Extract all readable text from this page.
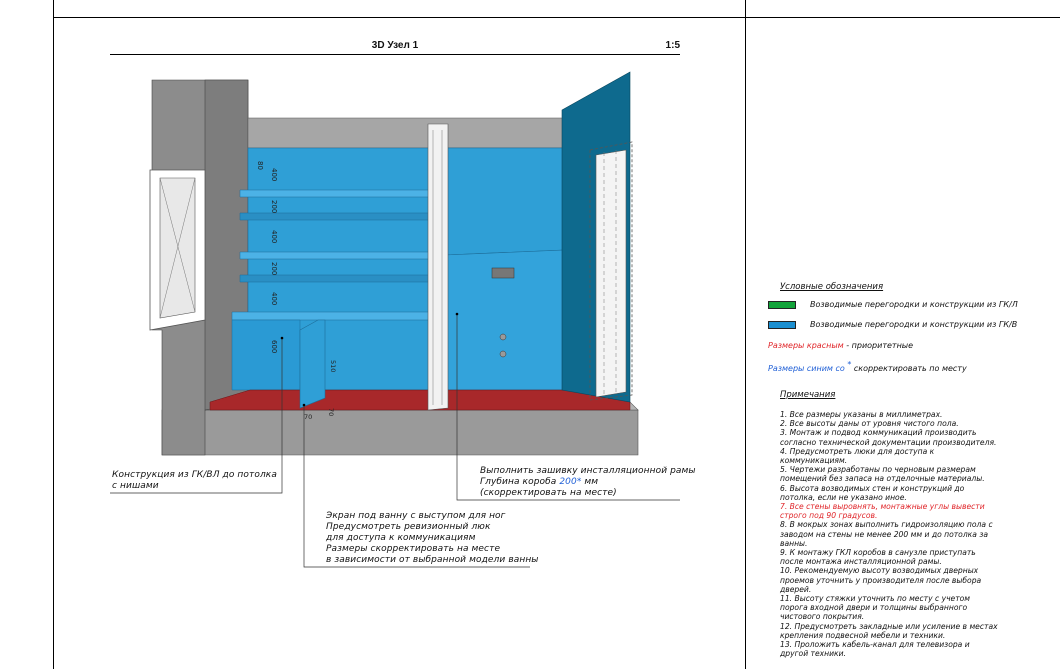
3D Узел 1	1:5
80
400
200
400
200
400
600
510
70
70
Конструкция из ГК/ВЛ до потолка
с нишами
Выполнить зашивку инсталляционной рамы
Глубина короба 200* мм
(скорректировать на месте)
Экран под ванну с выступом для ног
Предусмотреть ревизионный люк
для доступа к коммуникациям
Размеры скорректировать на месте
в зависимости от выбранной модели ванны
Условные обозначения
Возводимые перегородки и конструкции из ГК/Л
Возводимые перегородки и конструкции из ГК/В
Размеры красным - приоритетные
Размеры синим со * скорректировать по месту
Примечания
1. Все размеры указаны в миллиметрах.
2. Все высоты даны от уровня чистого пола.
3. Монтаж и подвод коммуникаций производить согласно технической документации производителя.
4. Предусмотреть люки для доступа к коммуникациям.
5. Чертежи разработаны по черновым размерам помещений без запаса на отделочные материалы.
6. Высота возводимых стен и конструкций до потолка, если не указано иное.
7. Все стены выровнять, монтажные углы вывести строго под 90 градусов.
8. В мокрых зонах выполнить гидроизоляцию пола с заводом на стены не менее 200 мм и до потолка за ванны.
9. К монтажу ГКЛ коробов в санузле приступать после монтажа инсталляционной рамы.
10. Рекомендуемую высоту возводимых дверных проемов уточнить у производителя после выбора дверей.
11. Высоту стяжки уточнить по месту с учетом порога входной двери и толщины выбранного чистового покрытия.
12. Предусмотреть закладные или усиление в местах крепления подвесной мебели и техники.
13. Проложить кабель-канал для телевизора и другой техники.
